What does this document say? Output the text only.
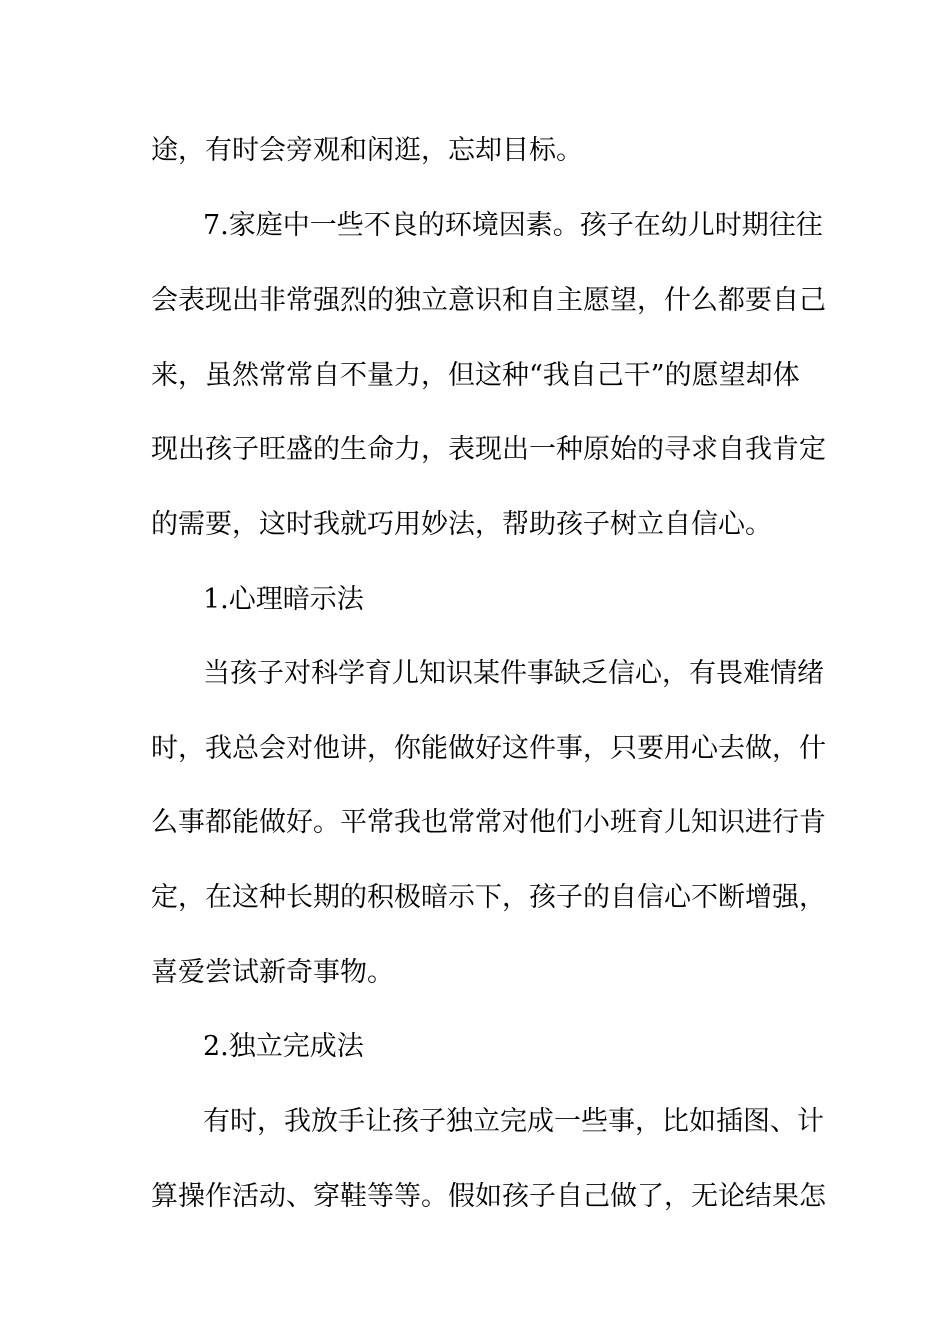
途，有时会旁观和闲逛，忘却目标。
7.家庭中一些不良的环境因素。孩子在幼儿时期往往
会表现出非常强烈的独立意识和自主愿望，什么都要自己
来，虽然常常自不量力，但这种“我自己干”的愿望却体
现出孩子旺盛的生命力，表现出一种原始的寻求自我肯定
的需要，这时我就巧用妙法，帮助孩子树立自信心。
1.心理暗示法
当孩子对科学育儿知识某件事缺乏信心，有畏难情绪
时，我总会对他讲，你能做好这件事，只要用心去做，什
么事都能做好。平常我也常常对他们小班育儿知识进行肯
定，在这种长期的积极暗示下，孩子的自信心不断增强，
喜爱尝试新奇事物。
2.独立完成法
有时，我放手让孩子独立完成一些事，比如插图、计
算操作活动、穿鞋等等。假如孩子自己做了，无论结果怎
